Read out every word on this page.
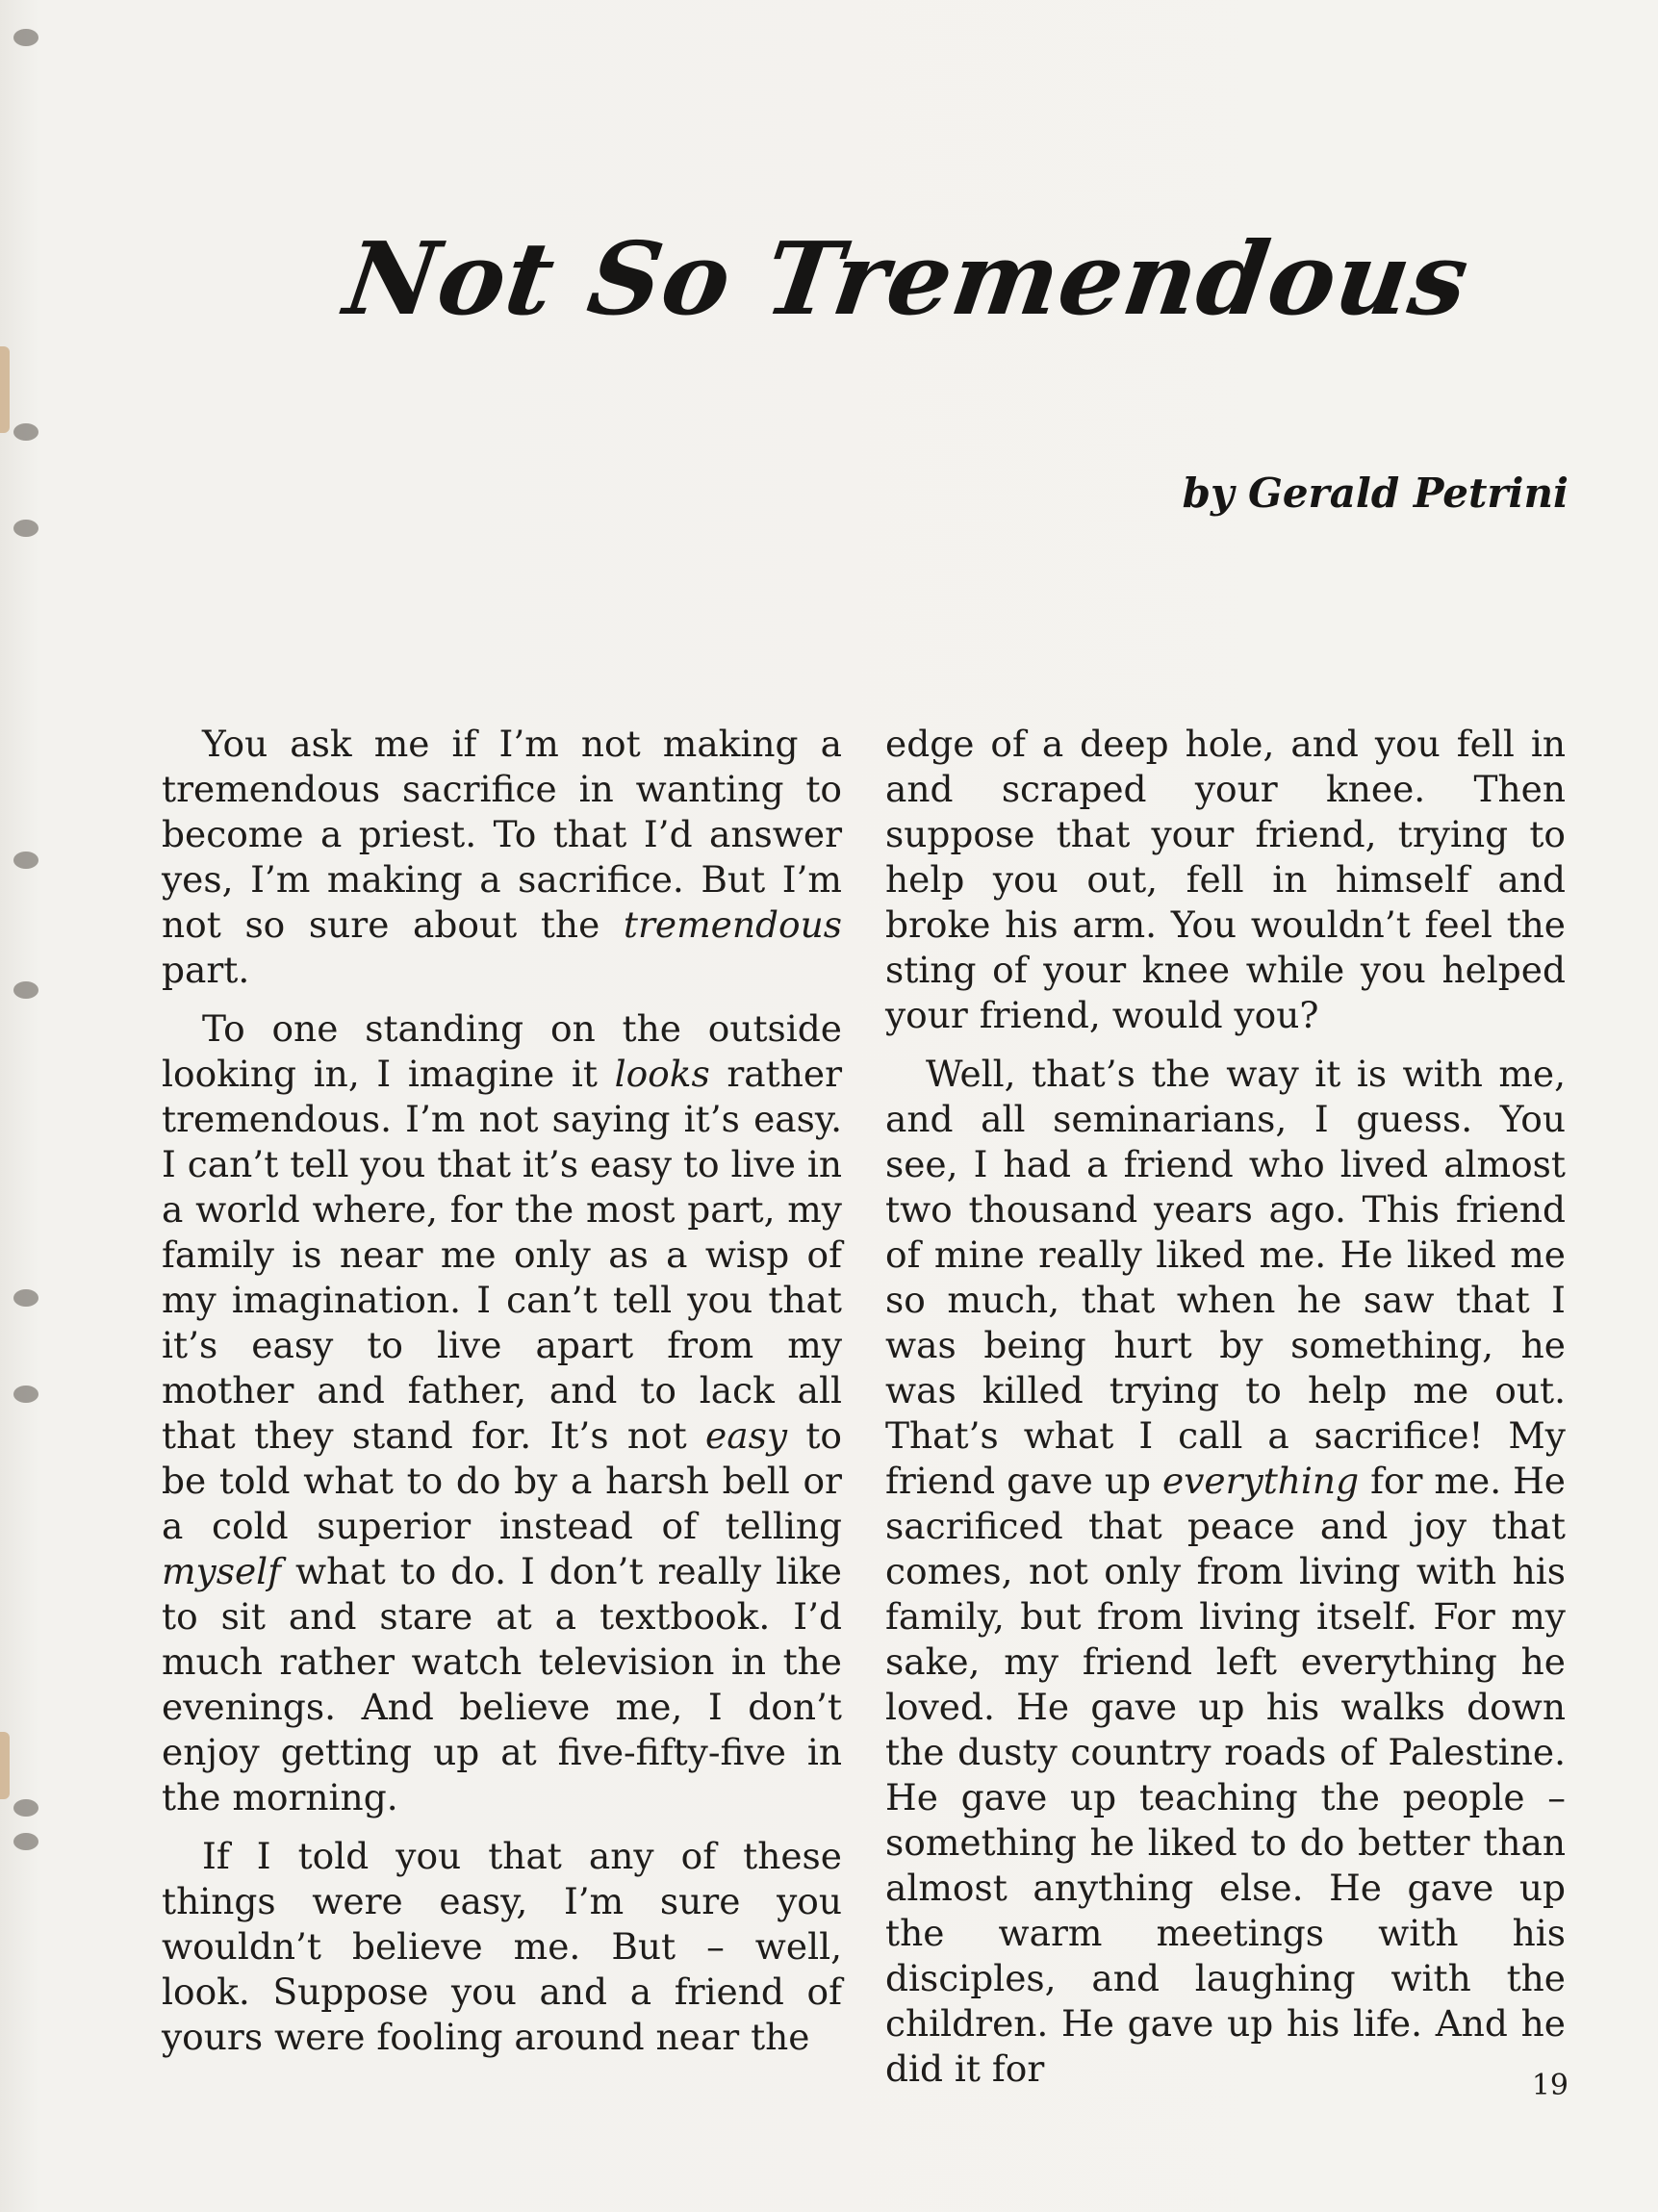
Not So Tremendous
by Gerald Petrini

You ask me if I’m not making a tremendous sacrifice in wanting to become a priest. To that I’d answer yes, I’m making a sacrifice. But I’m not so sure about the tremendous part.

To one standing on the outside looking in, I imagine it looks rather tremendous. I’m not saying it’s easy. I can’t tell you that it’s easy to live in a world where, for the most part, my family is near me only as a wisp of my imagination. I can’t tell you that it’s easy to live apart from my mother and father, and to lack all that they stand for. It’s not easy to be told what to do by a harsh bell or a cold superior instead of telling myself what to do. I don’t really like to sit and stare at a textbook. I’d much rather watch television in the evenings. And believe me, I don’t enjoy getting up at five-fifty-five in the morning.

If I told you that any of these things were easy, I’m sure you wouldn’t believe me. But – well, look. Suppose you and a friend of yours were fooling around near the

edge of a deep hole, and you fell in and scraped your knee. Then suppose that your friend, trying to help you out, fell in himself and broke his arm. You wouldn’t feel the sting of your knee while you helped your friend, would you?

Well, that’s the way it is with me, and all seminarians, I guess. You see, I had a friend who lived almost two thousand years ago. This friend of mine really liked me. He liked me so much, that when he saw that I was being hurt by something, he was killed trying to help me out. That’s what I call a sacrifice! My friend gave up everything for me. He sacrificed that peace and joy that comes, not only from living with his family, but from living itself. For my sake, my friend left everything he loved. He gave up his walks down the dusty country roads of Palestine. He gave up teaching the people – something he liked to do better than almost anything else. He gave up the warm meetings with his disciples, and laughing with the children. He gave up his life. And he did it for	19
